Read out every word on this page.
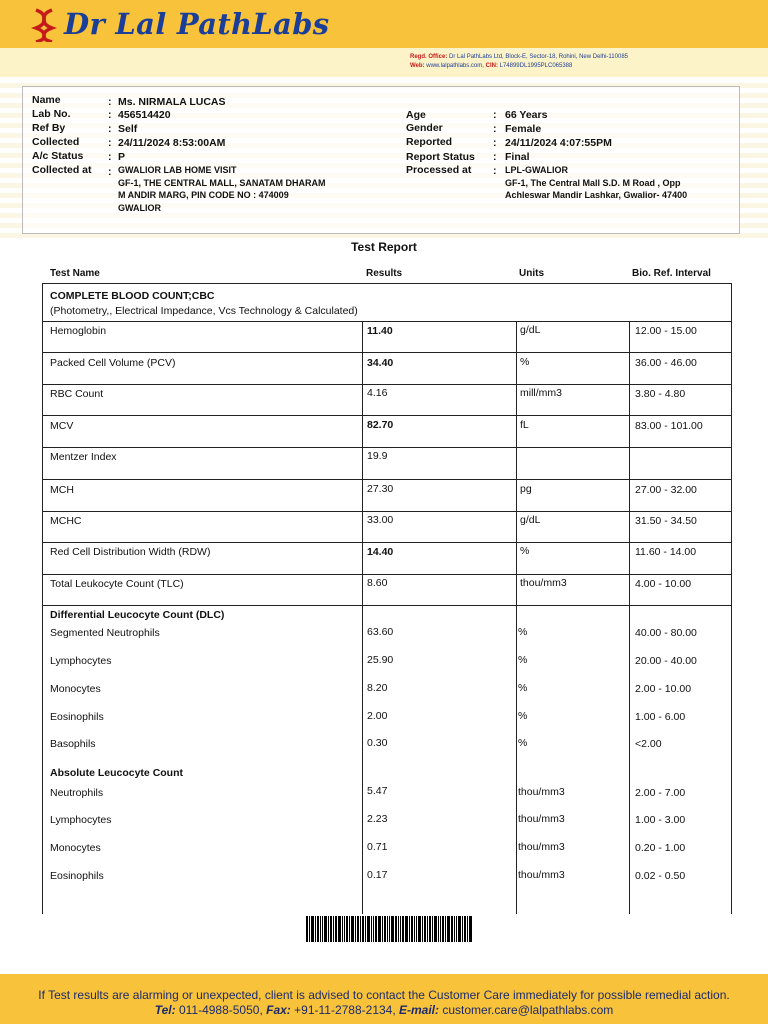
Dr Lal PathLabs
Regd. Office: Dr Lal PathLabs Ltd, Block-E, Sector-18, Rohini, New Delhi-110085
Web: www.lalpathlabs.com, CIN: L74899DL1995PLC065388
Name	: Ms. NIRMALA LUCAS
Lab No.	: 456514420
Ref By	: Self
Collected	: 24/11/2024 8:53:00AM
A/c Status : P
Collected at : GWALIOR LAB HOME VISIT
GF-1, THE CENTRAL MALL, SANATAM DHARAM
M ANDIR MARG, PIN CODE NO : 474009
GWALIOR
Age	: 66 Years
Gender	: Female
Reported	: 24/11/2024 4:07:55PM
Report Status : Final
Processed at : LPL-GWALIOR
GF-1, The Central Mall S.D. M Road , Opp
Achleswar Mandir Lashkar, Gwalior- 47400
Test Report
Test Name	Results	Units	Bio. Ref. Interval
COMPLETE BLOOD COUNT;CBC
(Photometry,, Electrical Impedance, Vcs Technology & Calculated)
Hemoglobin	11.40	g/dL	12.00 - 15.00
Packed Cell Volume (PCV)	34.40	%	36.00 - 46.00
RBC Count	4.16	mill/mm3	3.80 - 4.80
MCV	82.70	fL	83.00 - 101.00
Mentzer Index	19.9
MCH	27.30	pg	27.00 - 32.00
MCHC	33.00	g/dL	31.50 - 34.50
Red Cell Distribution Width (RDW)	14.40	%	11.60 - 14.00
Total Leukocyte Count (TLC)	8.60	thou/mm3	4.00 - 10.00
Differential Leucocyte Count (DLC)
Segmented Neutrophils	63.60	%	40.00 - 80.00
Lymphocytes	25.90	%	20.00 - 40.00
Monocytes	8.20	%	2.00 - 10.00
Eosinophils	2.00	%	1.00 - 6.00
Basophils	0.30	%	<2.00
Absolute Leucocyte Count
Neutrophils	5.47	thou/mm3	2.00 - 7.00
Lymphocytes	2.23	thou/mm3	1.00 - 3.00
Monocytes	0.71	thou/mm3	0.20 - 1.00
Eosinophils	0.17	thou/mm3	0.02 - 0.50
If Test results are alarming or unexpected, client is advised to contact the Customer Care immediately for possible remedial action.
Tel: 011-4988-5050, Fax: +91-11-2788-2134, E-mail: customer.care@lalpathlabs.com
